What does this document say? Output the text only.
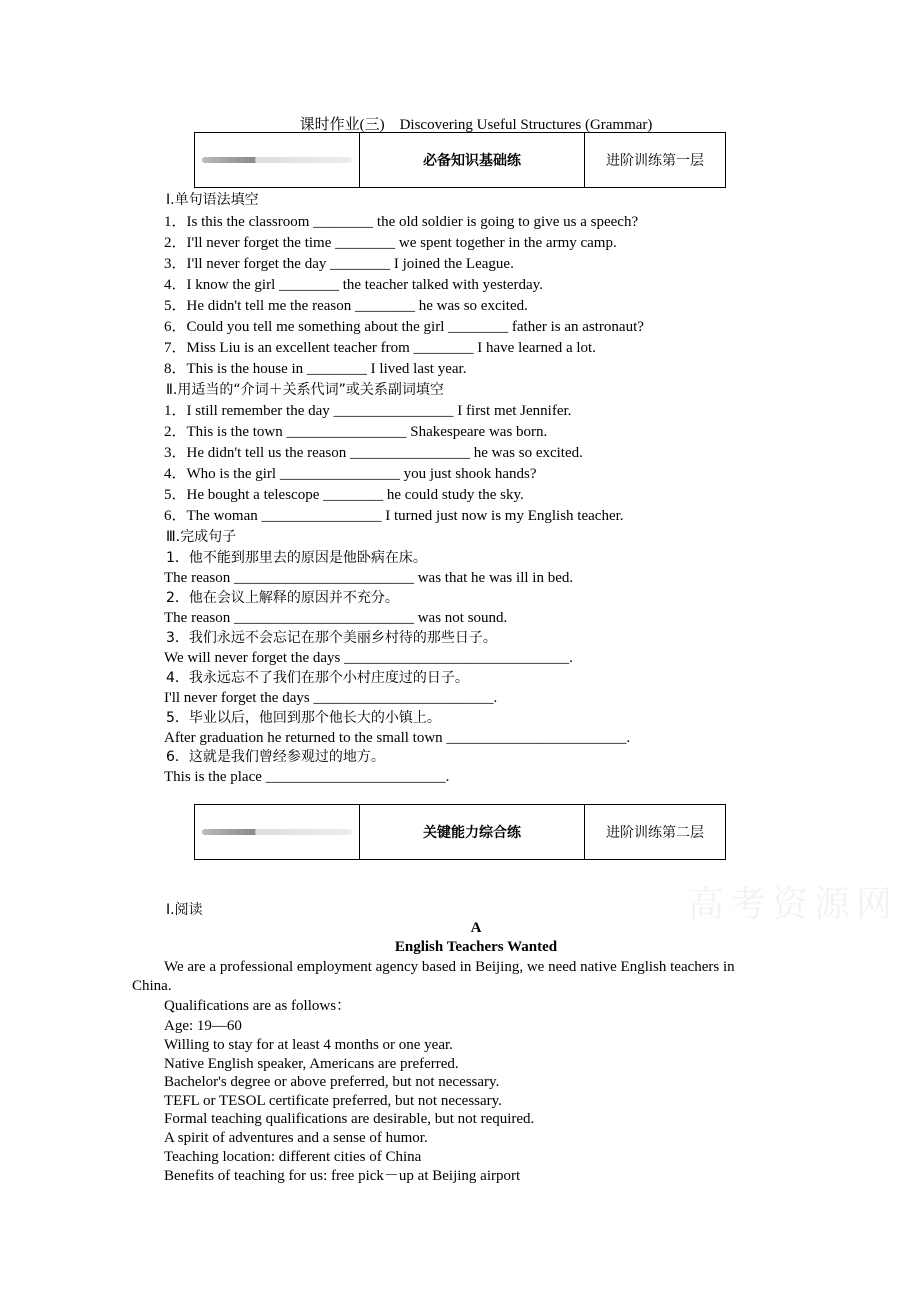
课时作业(三)　Discovering Useful Structures (Grammar)
必备知识基础练	进阶训练第一层
Ⅰ.单句语法填空
1．Is this the classroom ________ the old soldier is going to give us a speech?
2．I'll never forget the time ________ we spent together in the army camp.
3．I'll never forget the day ________ I joined the League.
4．I know the girl ________ the teacher talked with yesterday.
5．He didn't tell me the reason ________ he was so excited.
6．Could you tell me something about the girl ________ father is an astronaut?
7．Miss Liu is an excellent teacher from ________ I have learned a lot.
8．This is the house in ________ I lived last year.
Ⅱ.用适当的“介词＋关系代词”或关系副词填空
1．I still remember the day ________________ I first met Jennifer.
2．This is the town ________________ Shakespeare was born.
3．He didn't tell us the reason ________________ he was so excited.
4．Who is the girl ________________ you just shook hands?
5．He bought a telescope ________ he could study the sky.
6．The woman ________________ I turned just now is my English teacher.
Ⅲ.完成句子
1．他不能到那里去的原因是他卧病在床。
The reason ________________________ was that he was ill in bed.
2．他在会议上解释的原因并不充分。
The reason ________________________ was not sound.
3．我们永远不会忘记在那个美丽乡村待的那些日子。
We will never forget the days ______________________________.
4．我永远忘不了我们在那个小村庄度过的日子。
I'll never forget the days ________________________.
5．毕业以后，他回到那个他长大的小镇上。
After graduation he returned to the small town ________________________.
6．这就是我们曾经参观过的地方。
This is the place ________________________.
关键能力综合练	进阶训练第二层
高考资源网
Ⅰ.阅读
A
English Teachers Wanted
We are a professional employment agency based in Beijing, we need native English teachers in
China.
Qualifications are as follows：
Age: 19—60
Willing to stay for at least 4 months or one year.
Native English speaker, Americans are preferred.
Bachelor's degree or above preferred, but not necessary.
TEFL or TESOL certificate preferred, but not necessary.
Formal teaching qualifications are desirable, but not required.
A spirit of adventures and a sense of humor.
Teaching location: different cities of China
Benefits of teaching for us: free pick－up at Beijing airport
